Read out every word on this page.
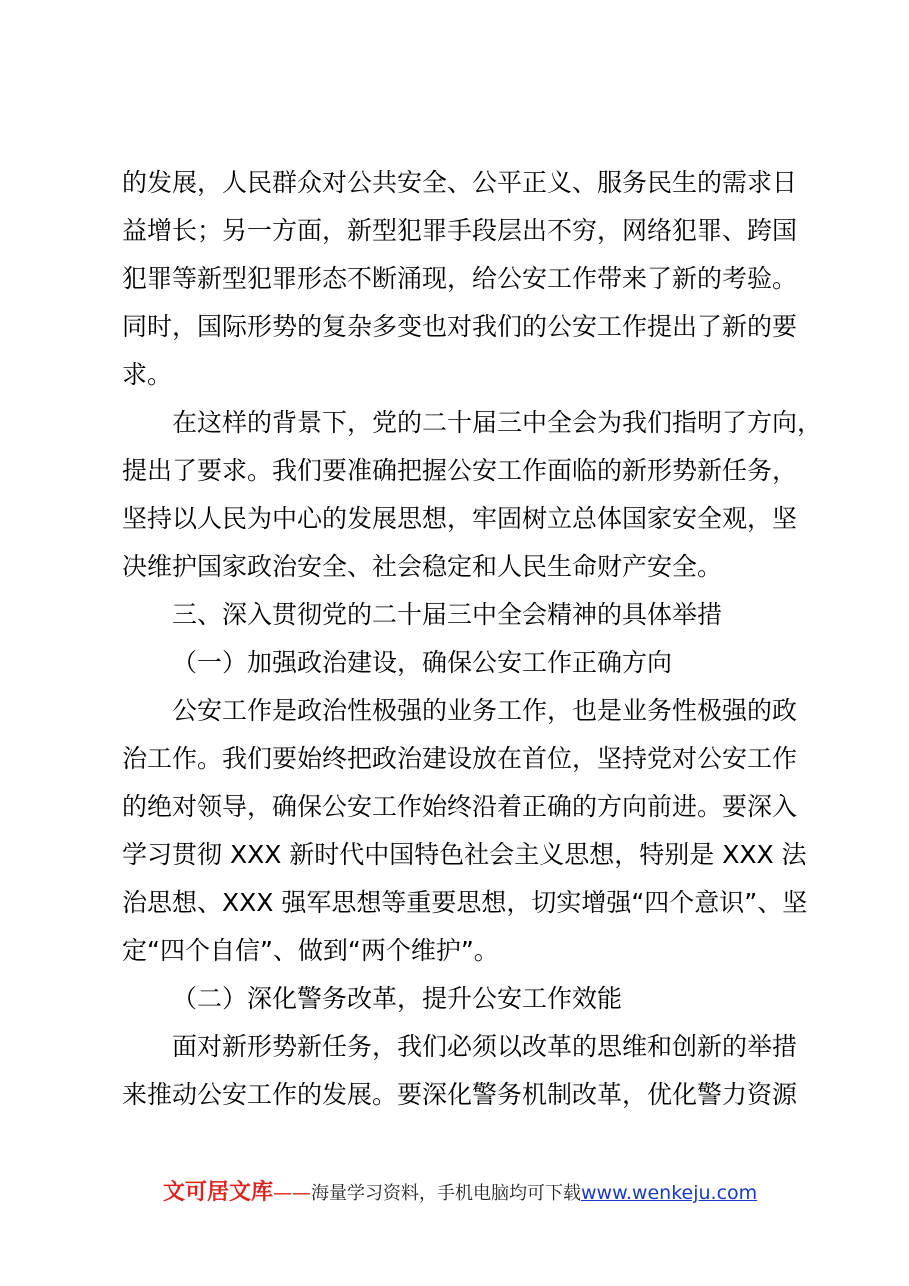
的发展，人民群众对公共安全、公平正义、服务民生的需求日
益增长；另一方面，新型犯罪手段层出不穷，网络犯罪、跨国
犯罪等新型犯罪形态不断涌现，给公安工作带来了新的考验。
同时，国际形势的复杂多变也对我们的公安工作提出了新的要
求。
在这样的背景下，党的二十届三中全会为我们指明了方向，
提出了要求。我们要准确把握公安工作面临的新形势新任务，
坚持以人民为中心的发展思想，牢固树立总体国家安全观，坚
决维护国家政治安全、社会稳定和人民生命财产安全。
三、深入贯彻党的二十届三中全会精神的具体举措
（一）加强政治建设，确保公安工作正确方向
公安工作是政治性极强的业务工作，也是业务性极强的政
治工作。我们要始终把政治建设放在首位，坚持党对公安工作
的绝对领导，确保公安工作始终沿着正确的方向前进。要深入
学习贯彻 XXX 新时代中国特色社会主义思想，特别是 XXX 法
治思想、XXX 强军思想等重要思想，切实增强“四个意识”、坚
定“四个自信”、做到“两个维护”。
（二）深化警务改革，提升公安工作效能
面对新形势新任务，我们必须以改革的思维和创新的举措
来推动公安工作的发展。要深化警务机制改革，优化警力资源
文可居文库——海量学习资料，手机电脑均可下载www.wenkeju.com
